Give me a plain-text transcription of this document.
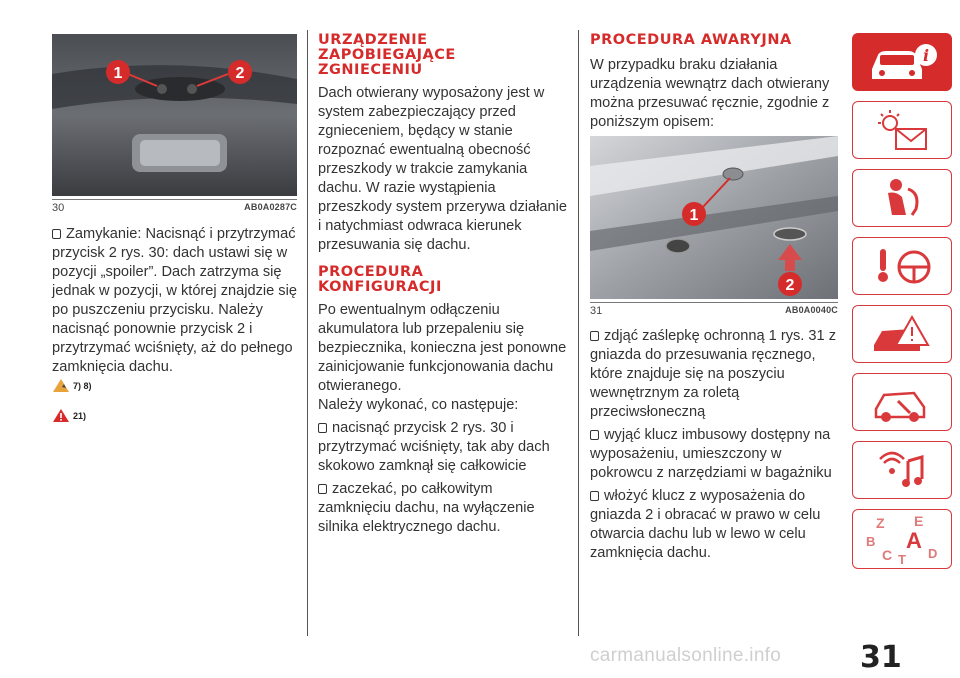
1	2
30	AB0A0287C

Zamykanie: Nacisnąć i przytrzymać przycisk 2 rys. 30: dach ustawi się w pozycji „spoiler”. Dach zatrzyma się jednak w pozycji, w której znajdzie się po puszczeniu przycisku. Należy nacisnąć ponownie przycisk 2 i przytrzymać wciśnięty, aż do pełnego zamknięcia dachu.

7) 8)
21)
URZĄDZENIE ZAPOBIEGAJĄCE ZGNIECENIU

Dach otwierany wyposażony jest w system zabezpieczający przed zgnieceniem, będący w stanie rozpoznać ewentualną obecność przeszkody w trakcie zamykania dachu. W razie wystąpienia przeszkody system przerywa działanie i natychmiast odwraca kierunek przesuwania się dachu.

PROCEDURA KONFIGURACJI

Po ewentualnym odłączeniu akumulatora lub przepaleniu się bezpiecznika, konieczna jest ponowne zainicjowanie funkcjonowania dachu otwieranego.

Należy wykonać, co następuje:

nacisnąć przycisk 2 rys. 30 i przytrzymać wciśnięty, tak aby dach skokowo zamknął się całkowicie

zaczekać, po całkowitym zamknięciu dachu, na wyłączenie silnika elektrycznego dachu.

PROCEDURA AWARYJNA

W przypadku braku działania urządzenia wewnątrz dach otwierany można przesuwać ręcznie, zgodnie z poniższym opisem:

1
2
31	AB0A0040C

zdjąć zaślepkę ochronną 1 rys. 31 z gniazda do przesuwania ręcznego, które znajduje się na poszyciu wewnętrznym za roletą przeciwsłoneczną

wyjąć klucz imbusowy dostępny na wyposażeniu, umieszczony w pokrowcu z narzędziami w bagażniku

włożyć klucz z wyposażenia do gniazda 2 i obracać w prawo w celu otwarcia dachu lub w lewo w celu zamknięcia dachu.

i
Z E
B A
C	D
T
31
carmanualsonline.info
